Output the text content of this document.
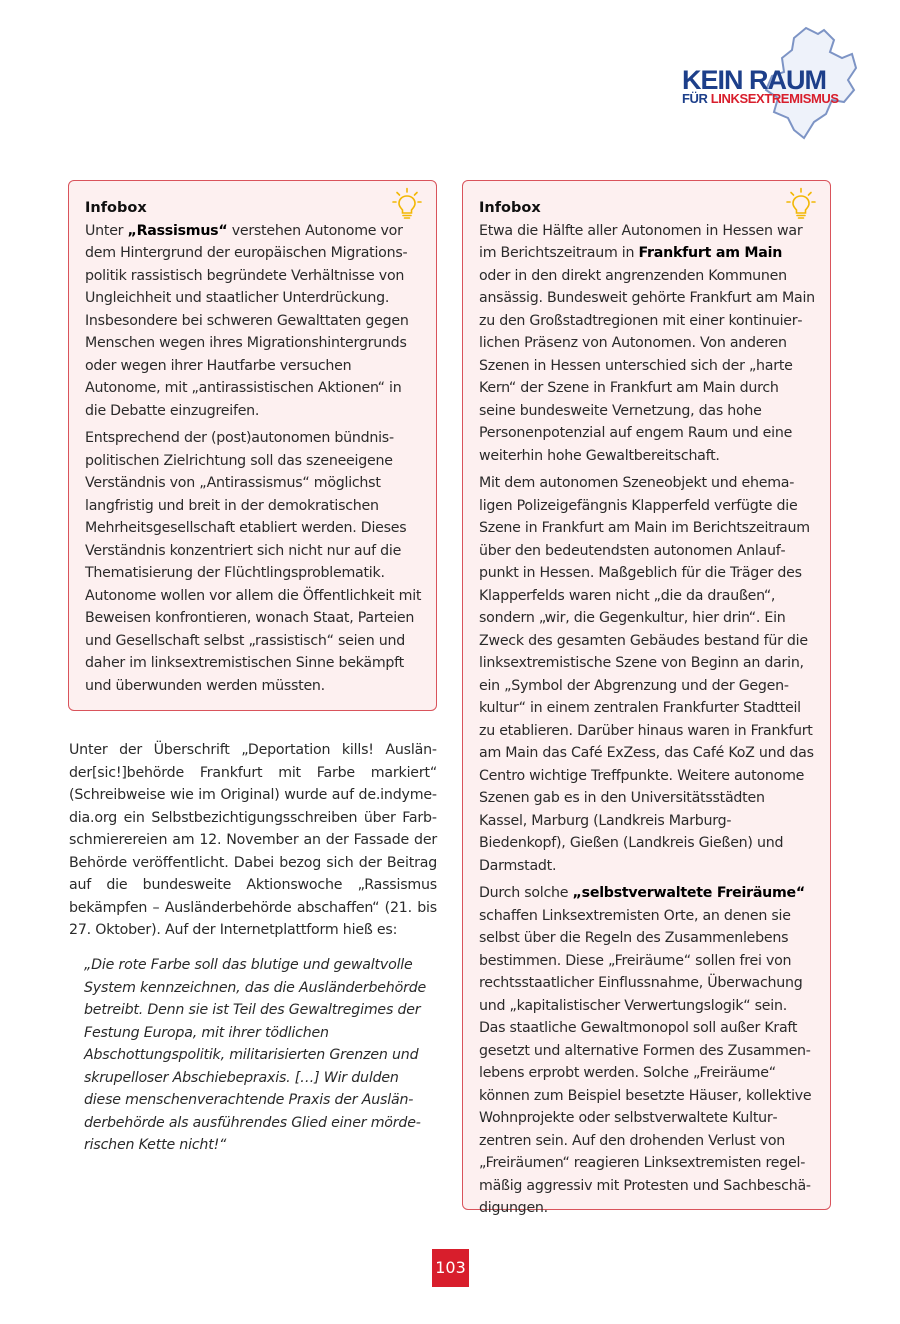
KEIN RAUM
FÜR LINKSEXTREMISMUS
Infobox

Unter „Rassismus“ verstehen Autonome vor dem Hintergrund der europäischen Migrationspolitik rassistisch begründete Verhältnisse von Ungleichheit und staatlicher Unterdrückung. Insbesondere bei schweren Gewalttaten gegen Menschen wegen ihres Migrationshintergrunds oder wegen ihrer Hautfarbe versuchen Autonome, mit „antirassistischen Aktionen“ in die Debatte einzugreifen.

Entsprechend der (post)autonomen bündnispolitischen Zielrichtung soll das szeneeigene Verständnis von „Antirassismus“ möglichst langfristig und breit in der demokratischen Mehrheitsgesellschaft etabliert werden. Dieses Verständnis konzentriert sich nicht nur auf die Thematisierung der Flüchtlingsproblematik. Autonome wollen vor allem die Öffentlichkeit mit Beweisen konfrontieren, wonach Staat, Parteien und Gesellschaft selbst „rassistisch“ seien und daher im linksextremistischen Sinne bekämpft und überwunden werden müssten.

Unter der Überschrift „Deportation kills! Ausländer[sic!]behörde Frankfurt mit Farbe markiert“ (Schreibweise wie im Original) wurde auf de.indymedia.org ein Selbstbezichtigungsschreiben über Farbschmierereien am 12. November an der Fassade der Behörde veröffentlicht. Dabei bezog sich der Beitrag auf die bundesweite Aktionswoche „Rassismus bekämpfen – Ausländerbehörde abschaffen“ (21. bis 27. Oktober). Auf der Internetplattform hieß es:

„Die rote Farbe soll das blutige und gewaltvolle System kennzeichnen, das die Ausländerbehörde betreibt. Denn sie ist Teil des Gewaltregimes der Festung Europa, mit ihrer tödlichen Abschottungspolitik, militarisierten Grenzen und skrupelloser Abschiebepraxis. […] Wir dulden diese menschenverachtende Praxis der Ausländerbehörde als ausführendes Glied einer mörderischen Kette nicht!“

Infobox

Etwa die Hälfte aller Autonomen in Hessen war im Berichtszeitraum in Frankfurt am Main oder in den direkt angrenzenden Kommunen ansässig. Bundesweit gehörte Frankfurt am Main zu den Großstadtregionen mit einer kontinuierlichen Präsenz von Autonomen. Von anderen Szenen in Hessen unterschied sich der „harte Kern“ der Szene in Frankfurt am Main durch seine bundesweite Vernetzung, das hohe Personenpotenzial auf engem Raum und eine weiterhin hohe Gewaltbereitschaft.

Mit dem autonomen Szeneobjekt und ehemaligen Polizeigefängnis Klapperfeld verfügte die Szene in Frankfurt am Main im Berichtszeitraum über den bedeutendsten autonomen Anlaufpunkt in Hessen. Maßgeblich für die Träger des Klapperfelds waren nicht „die da draußen“, sondern „wir, die Gegenkultur, hier drin“. Ein Zweck des gesamten Gebäudes bestand für die linksextremistische Szene von Beginn an darin, ein „Symbol der Abgrenzung und der Gegenkultur“ in einem zentralen Frankfurter Stadtteil zu etablieren. Darüber hinaus waren in Frankfurt am Main das Café ExZess, das Café KoZ und das Centro wichtige Treffpunkte. Weitere autonome Szenen gab es in den Universitätsstädten Kassel, Marburg (Landkreis Marburg-Biedenkopf), Gießen (Landkreis Gießen) und Darmstadt.

Durch solche „selbstverwaltete Freiräume“ schaffen Linksextremisten Orte, an denen sie selbst über die Regeln des Zusammenlebens bestimmen. Diese „Freiräume“ sollen frei von rechtsstaatlicher Einflussnahme, Überwachung und „kapitalistischer Verwertungslogik“ sein. Das staatliche Gewaltmonopol soll außer Kraft gesetzt und alternative Formen des Zusammenlebens erprobt werden. Solche „Freiräume“ können zum Beispiel besetzte Häuser, kollektive Wohnprojekte oder selbstverwaltete Kulturzentren sein. Auf den drohenden Verlust von „Freiräumen“ reagieren Linksextremisten regelmäßig aggressiv mit Protesten und Sachbeschädigungen.

103
